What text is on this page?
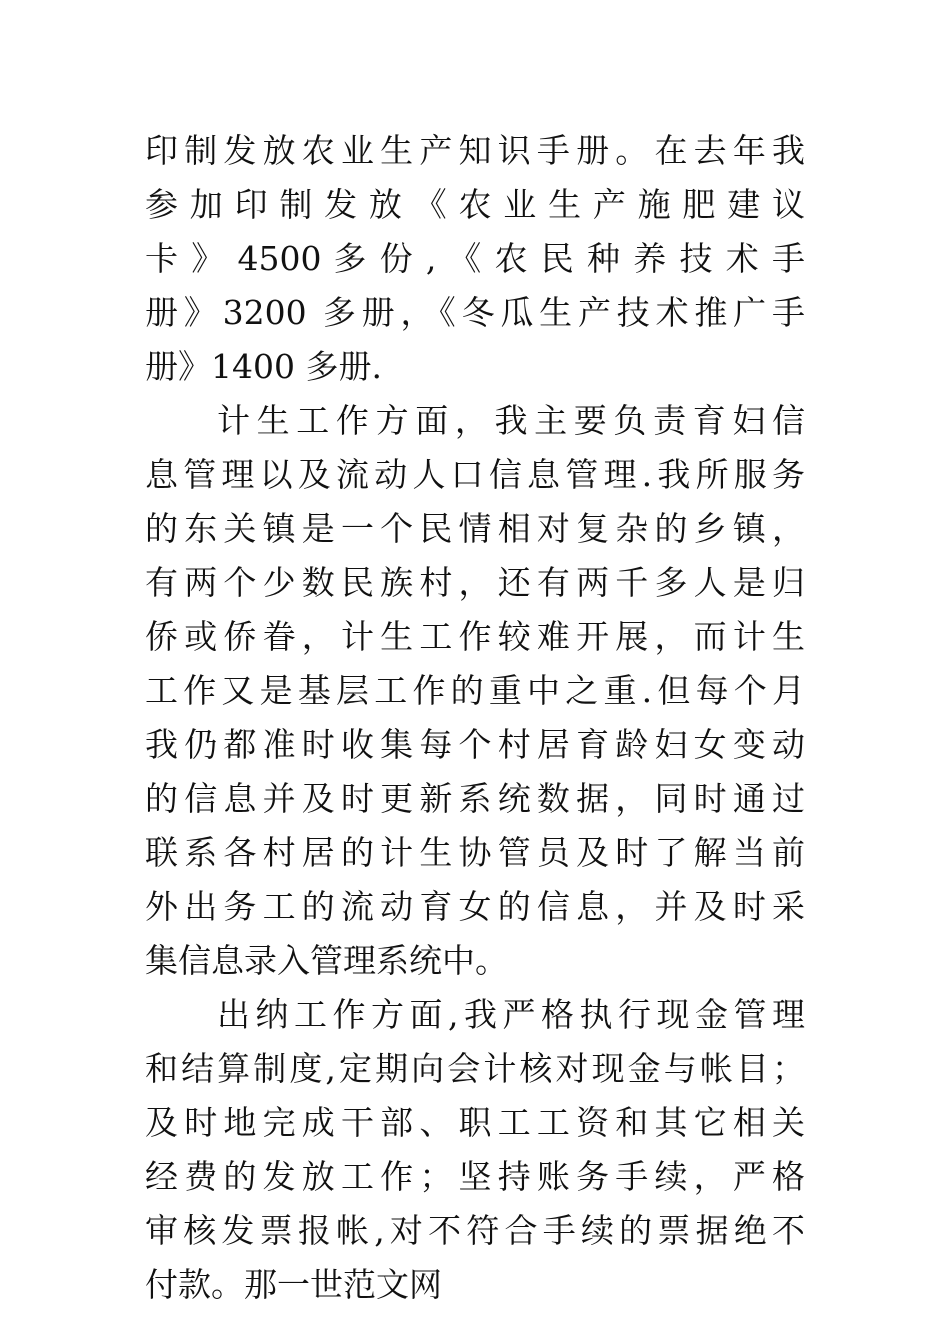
印制发放农业生产知识手册。在去年我
参 加 印 制 发 放 《 农 业 生 产 施 肥 建 议
卡 》 4500 多 份 , 《 农 民 种 养 技 术 手
册》3200 多册，《冬瓜生产技术推广手
册》1400 多册.
计生工作方面，我主要负责育妇信
息管理以及流动人口信息管理.我所服务
的东关镇是一个民情相对复杂的乡镇，
有两个少数民族村，还有两千多人是归
侨或侨眷，计生工作较难开展，而计生
工作又是基层工作的重中之重.但每个月
我仍都准时收集每个村居育龄妇女变动
的信息并及时更新系统数据，同时通过
联系各村居的计生协管员及时了解当前
外出务工的流动育女的信息，并及时采
集信息录入管理系统中。
出纳工作方面,我严格执行现金管理
和结算制度,定期向会计核对现金与帐目；
及时地完成干部、职工工资和其它相关
经费的发放工作；坚持账务手续，严格
审核发票报帐,对不符合手续的票据绝不
付款。那一世范文网
